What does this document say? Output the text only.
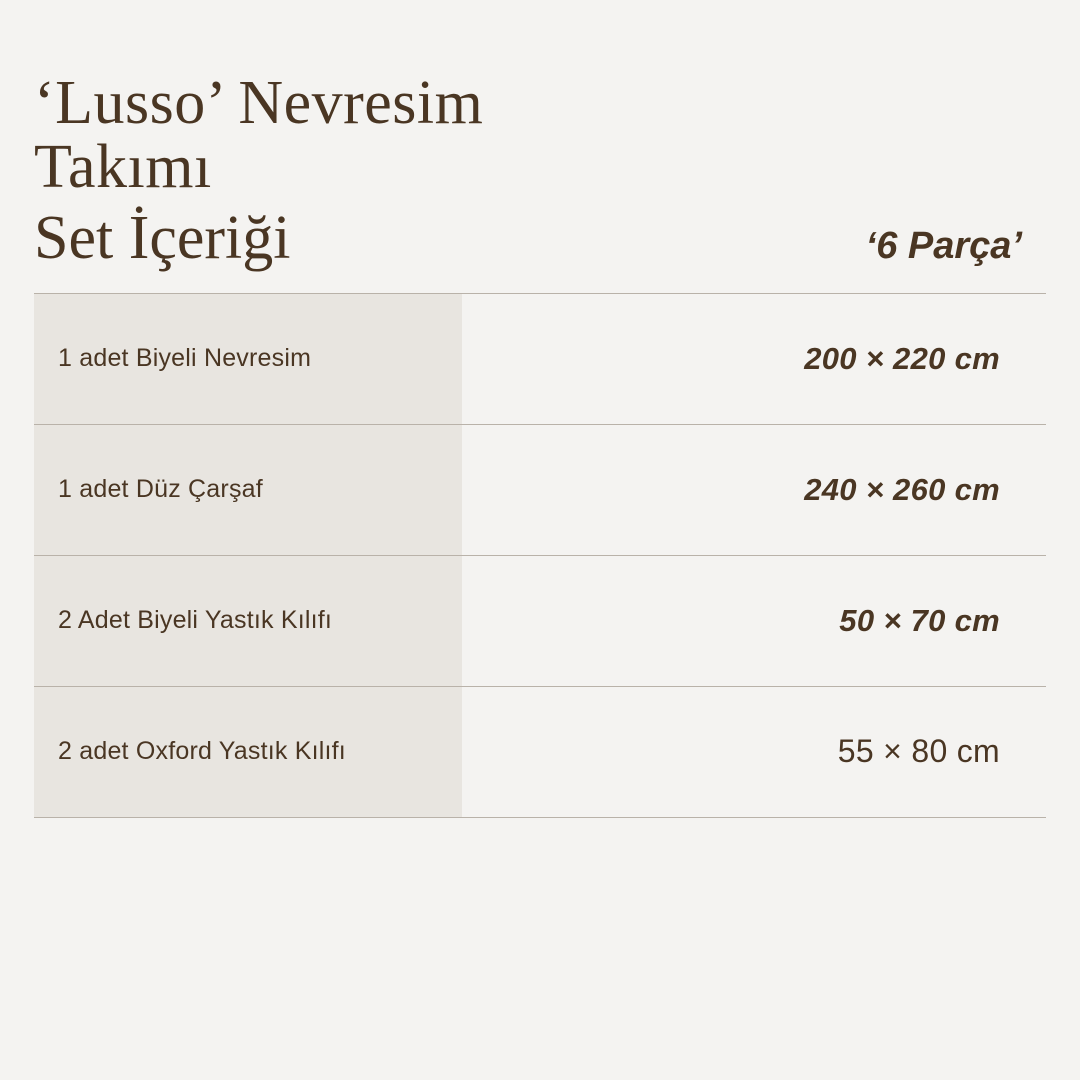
‘Lusso’ Nevresim
Takımı
Set İçeriği	‘6 Parça’
1 adet Biyeli Nevresim	200 × 220 cm
1 adet Düz Çarşaf	240 × 260 cm
2 Adet Biyeli Yastık Kılıfı	50 × 70 cm
2 adet Oxford Yastık Kılıfı	55 × 80 cm
